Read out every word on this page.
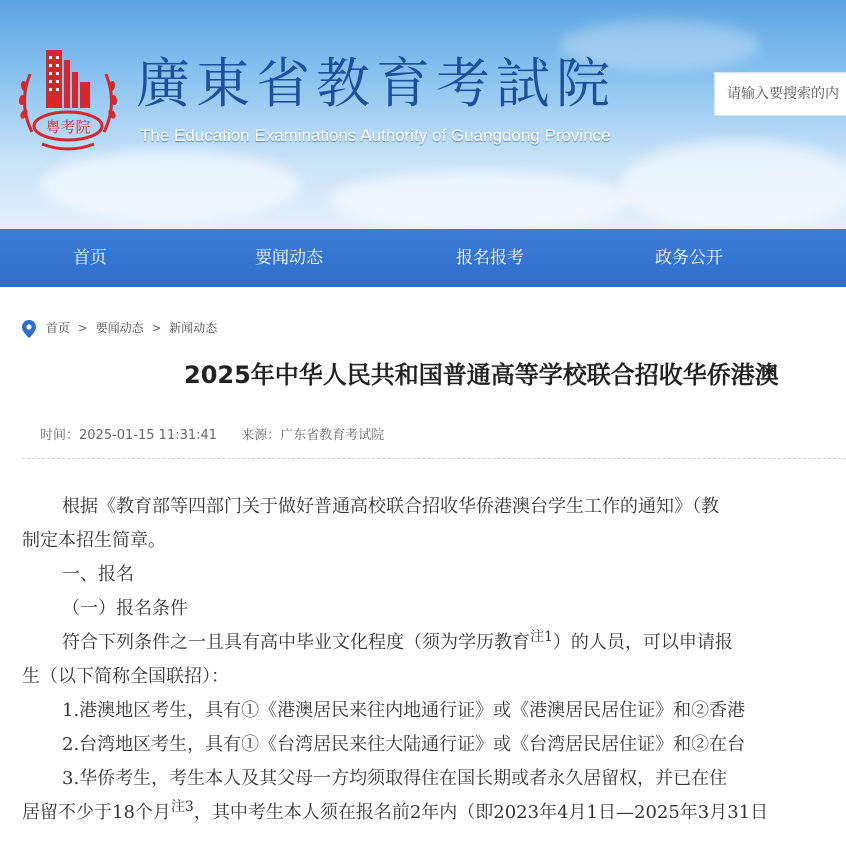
粤考院
廣東省教育考試院
The Education Examinations Authority of Guangdong Province
请输入要搜索的内
首页	要闻动态	报名报考	政务公开
首页 > 要闻动态 > 新闻动态
2025年中华人民共和国普通高等学校联合招收华侨港澳
时间：2025-01-15 11:31:41 来源：广东省教育考试院
根据《教育部等四部门关于做好普通高校联合招收华侨港澳台学生工作的通知》（教
制定本招生简章。
一、报名
（一）报名条件
符合下列条件之一且具有高中毕业文化程度（须为学历教育$^{注1}$）的人员，可以申请报
生（以下简称全国联招）：
1.港澳地区考生，具有①《港澳居民来往内地通行证》或《港澳居民居住证》和②香港
2.台湾地区考生，具有①《台湾居民来往大陆通行证》或《台湾居民居住证》和②在台
3.华侨考生，考生本人及其父母一方均须取得住在国长期或者永久居留权，并已在住
居留不少于18个月$^{注3}$，其中考生本人须在报名前2年内（即2023年4月1日—2025年3月31日
